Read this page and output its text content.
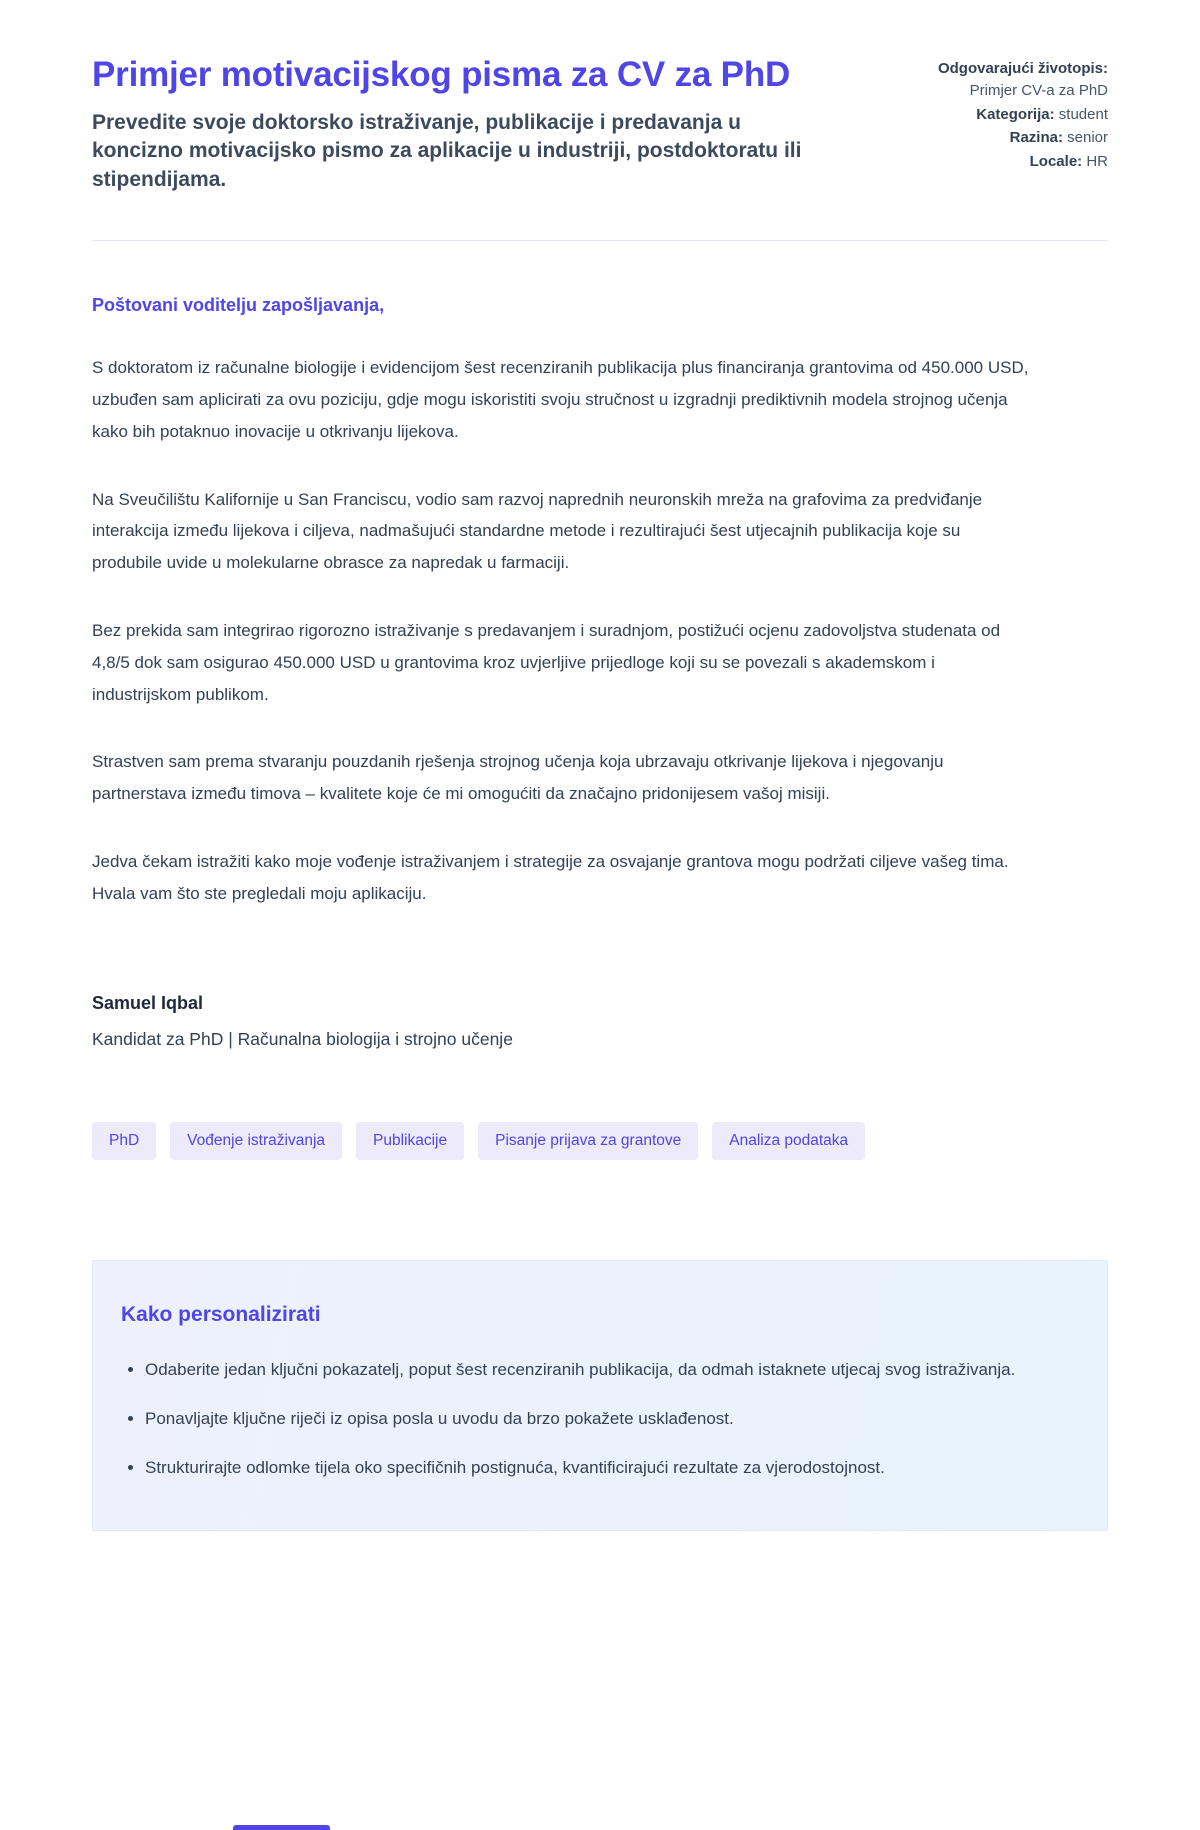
Primjer motivacijskog pisma za CV za PhD

Prevedite svoje doktorsko istraživanje, publikacije i predavanja u koncizno motivacijsko pismo za aplikacije u industriji, postdoktoratu ili stipendijama.

Odgovarajući životopis: Primjer CV-a za PhD
Kategorija: student
Razina: senior
Locale: HR

Poštovani voditelju zapošljavanja,

S doktoratom iz računalne biologije i evidencijom šest recenziranih publikacija plus financiranja grantovima od 450.000 USD, uzbuđen sam aplicirati za ovu poziciju, gdje mogu iskoristiti svoju stručnost u izgradnji prediktivnih modela strojnog učenja kako bih potaknuo inovacije u otkrivanju lijekova.

Na Sveučilištu Kalifornije u San Franciscu, vodio sam razvoj naprednih neuronskih mreža na grafovima za predviđanje interakcija između lijekova i ciljeva, nadmašujući standardne metode i rezultirajući šest utjecajnih publikacija koje su produbile uvide u molekularne obrasce za napredak u farmaciji.

Bez prekida sam integrirao rigorozno istraživanje s predavanjem i suradnjom, postižući ocjenu zadovoljstva studenata od 4,8/5 dok sam osigurao 450.000 USD u grantovima kroz uvjerljive prijedloge koji su se povezali s akademskom i industrijskom publikom.

Strastven sam prema stvaranju pouzdanih rješenja strojnog učenja koja ubrzavaju otkrivanje lijekova i njegovanju partnerstava između timova – kvalitete koje će mi omogućiti da značajno pridonijesem vašoj misiji.

Jedva čekam istražiti kako moje vođenje istraživanjem i strategije za osvajanje grantova mogu podržati ciljeve vašeg tima. Hvala vam što ste pregledali moju aplikaciju.

Samuel Iqbal

Kandidat za PhD | Računalna biologija i strojno učenje

PhD	Vođenje istraživanja	Publikacije	Pisanje prijava za grantove	Analiza podataka
Kako personalizirati
• Odaberite jedan ključni pokazatelj, poput šest recenziranih publikacija, da odmah istaknete utjecaj svog istraživanja.
• Ponavljajte ključne riječi iz opisa posla u uvodu da brzo pokažete usklađenost.
• Strukturirajte odlomke tijela oko specifičnih postignuća, kvantificirajući rezultate za vjerodostojnost.
